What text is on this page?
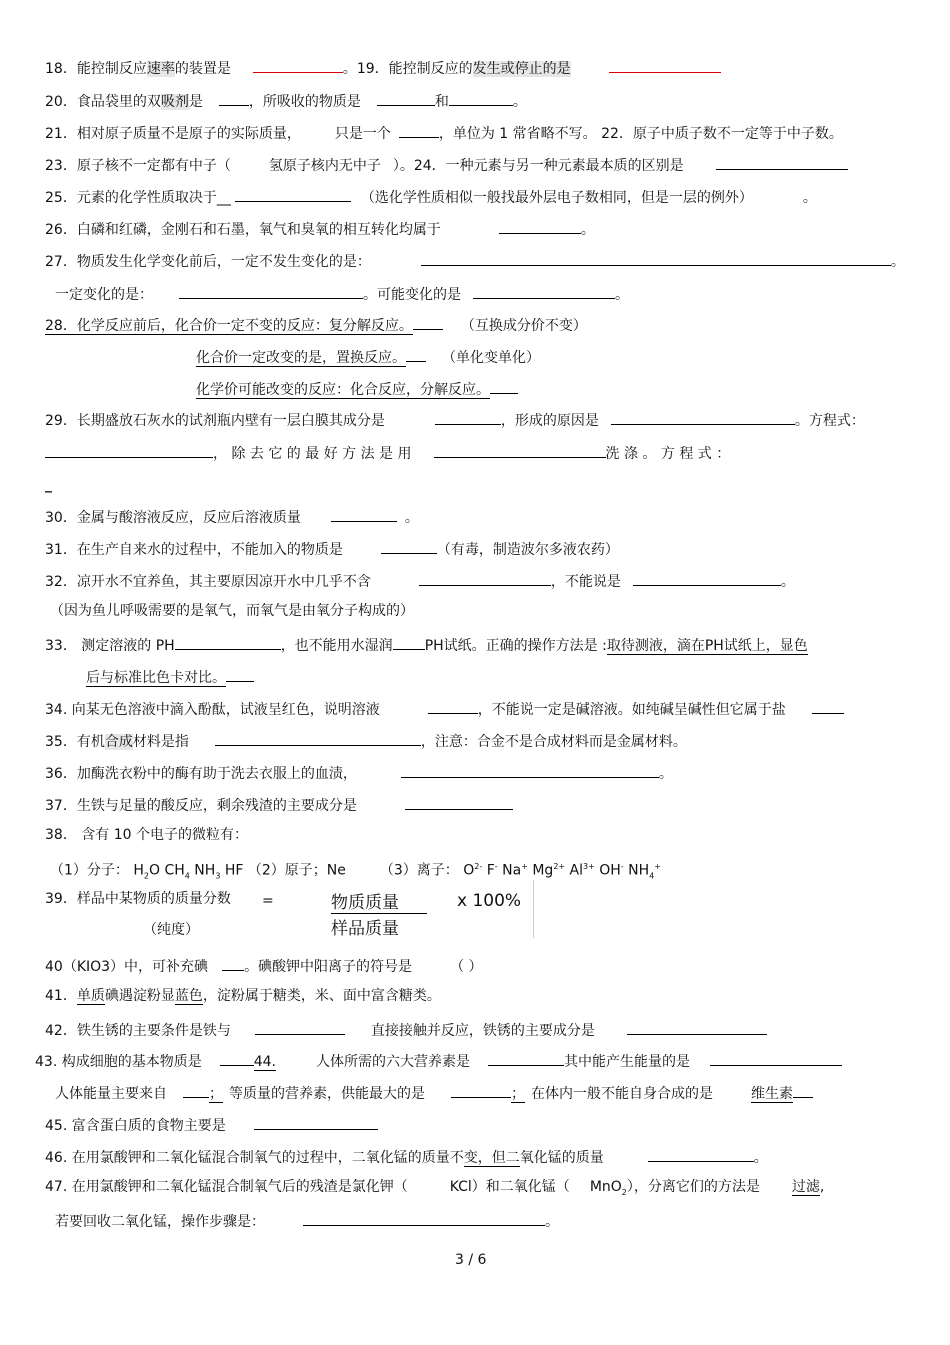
18．能控制反应速率的装置是	。19．能控制反应的发生或停止的是
20．食品袋里的双吸剂是	，所吸收的物质是	和	。
21．相对原子质量不是原子的实际质量， 只是一个	，单位为 1 常省略不写。 22．原子中质子数不一定等于中子数。
23．原子核不一定都有中子（	氢原子核内无中子 ）。24．一种元素与另一种元素最本质的区别是
25．元素的化学性质取决于__	（选化学性质相似一般找最外层电子数相同，但是一层的例外）	。
26．白磷和红磷，金刚石和石墨，氧气和臭氧的相互转化均属于	。
27．物质发生化学变化前后，一定不发生变化的是：	。
一定变化的是：	。可能变化的是	。
28．化学反应前后，化合价一定不变的反应：复分解反应。	（互换成分价不变）
化合价一定改变的是，置换反应。	（单化变单化）
化学价可能改变的反应：化合反应，分解反应。
29．长期盛放石灰水的试剂瓶内壁有一层白膜其成分是	，形成的原因是	。方程式：
， 除 去 它 的 最 好 方 法 是 用	洗 涤 。 方 程 式 ：
_
30．金属与酸溶液反应，反应后溶液质量	。
31．在生产自来水的过程中，不能加入的物质是	（有毒，制造波尔多液农药）
32．凉开水不宜养鱼，其主要原因凉开水中几乎不含	，不能说是	。
（因为鱼儿呼吸需要的是氧气，而氧气是由氧分子构成的）
33． 测定溶液的 PH	，也不能用水湿润 PH试纸。正确的操作方法是 :取待测液，滴在PH试纸上，显色
后与标准比色卡对比。
34. 向某无色溶液中滴入酚酞，试液呈红色，说明溶液	，不能说一定是碱溶液。如纯碱呈碱性但它属于盐
35．有机合成材料是指	，注意：合金不是合成材料而是金属材料。
36．加酶洗衣粉中的酶有助于洗去衣服上的血渍，	。
37．生铁与足量的酸反应，剩余残渣的主要成分是
38． 含有 10 个电子的微粒有：
（1）分子： $H_2O$ $CH_4$ $NH_3$ HF （2）原子；Ne （3）离子： $O^{2-}$ F- Na+ $Mg^{2+}$ $Al^{3+}$ OH- $NH_4^+$
39．样品中某物质的质量分数 =	物质质量
样品质量
x 100%
（纯度）
40（KIO3）中，可补充碘	。碘酸钾中阳离子的符号是	（ ）
41．单质碘遇淀粉显蓝色，淀粉属于糖类，米、面中富含糖类。
42．铁生锈的主要条件是铁与	直接接触并反应，铁锈的主要成分是
43. 构成细胞的基本物质是	44.	人体所需的六大营养素是	其中能产生能量的是
人体能量主要来自	； 等质量的营养素，供能最大的是	； 在体内一般不能自身合成的是	维生素
45. 富含蛋白质的食物主要是
46. 在用氯酸钾和二氧化锰混合制氧气的过程中，二氧化锰的质量不变，但二氧化锰的质量	。
47. 在用氯酸钾和二氧化锰混合制氧气后的残渣是氯化钾（	KCl）和二氧化锰（ MnO$_2$），分离它们的方法是 过滤,
若要回收二氧化锰，操作步骤是：	。
3 / 6
